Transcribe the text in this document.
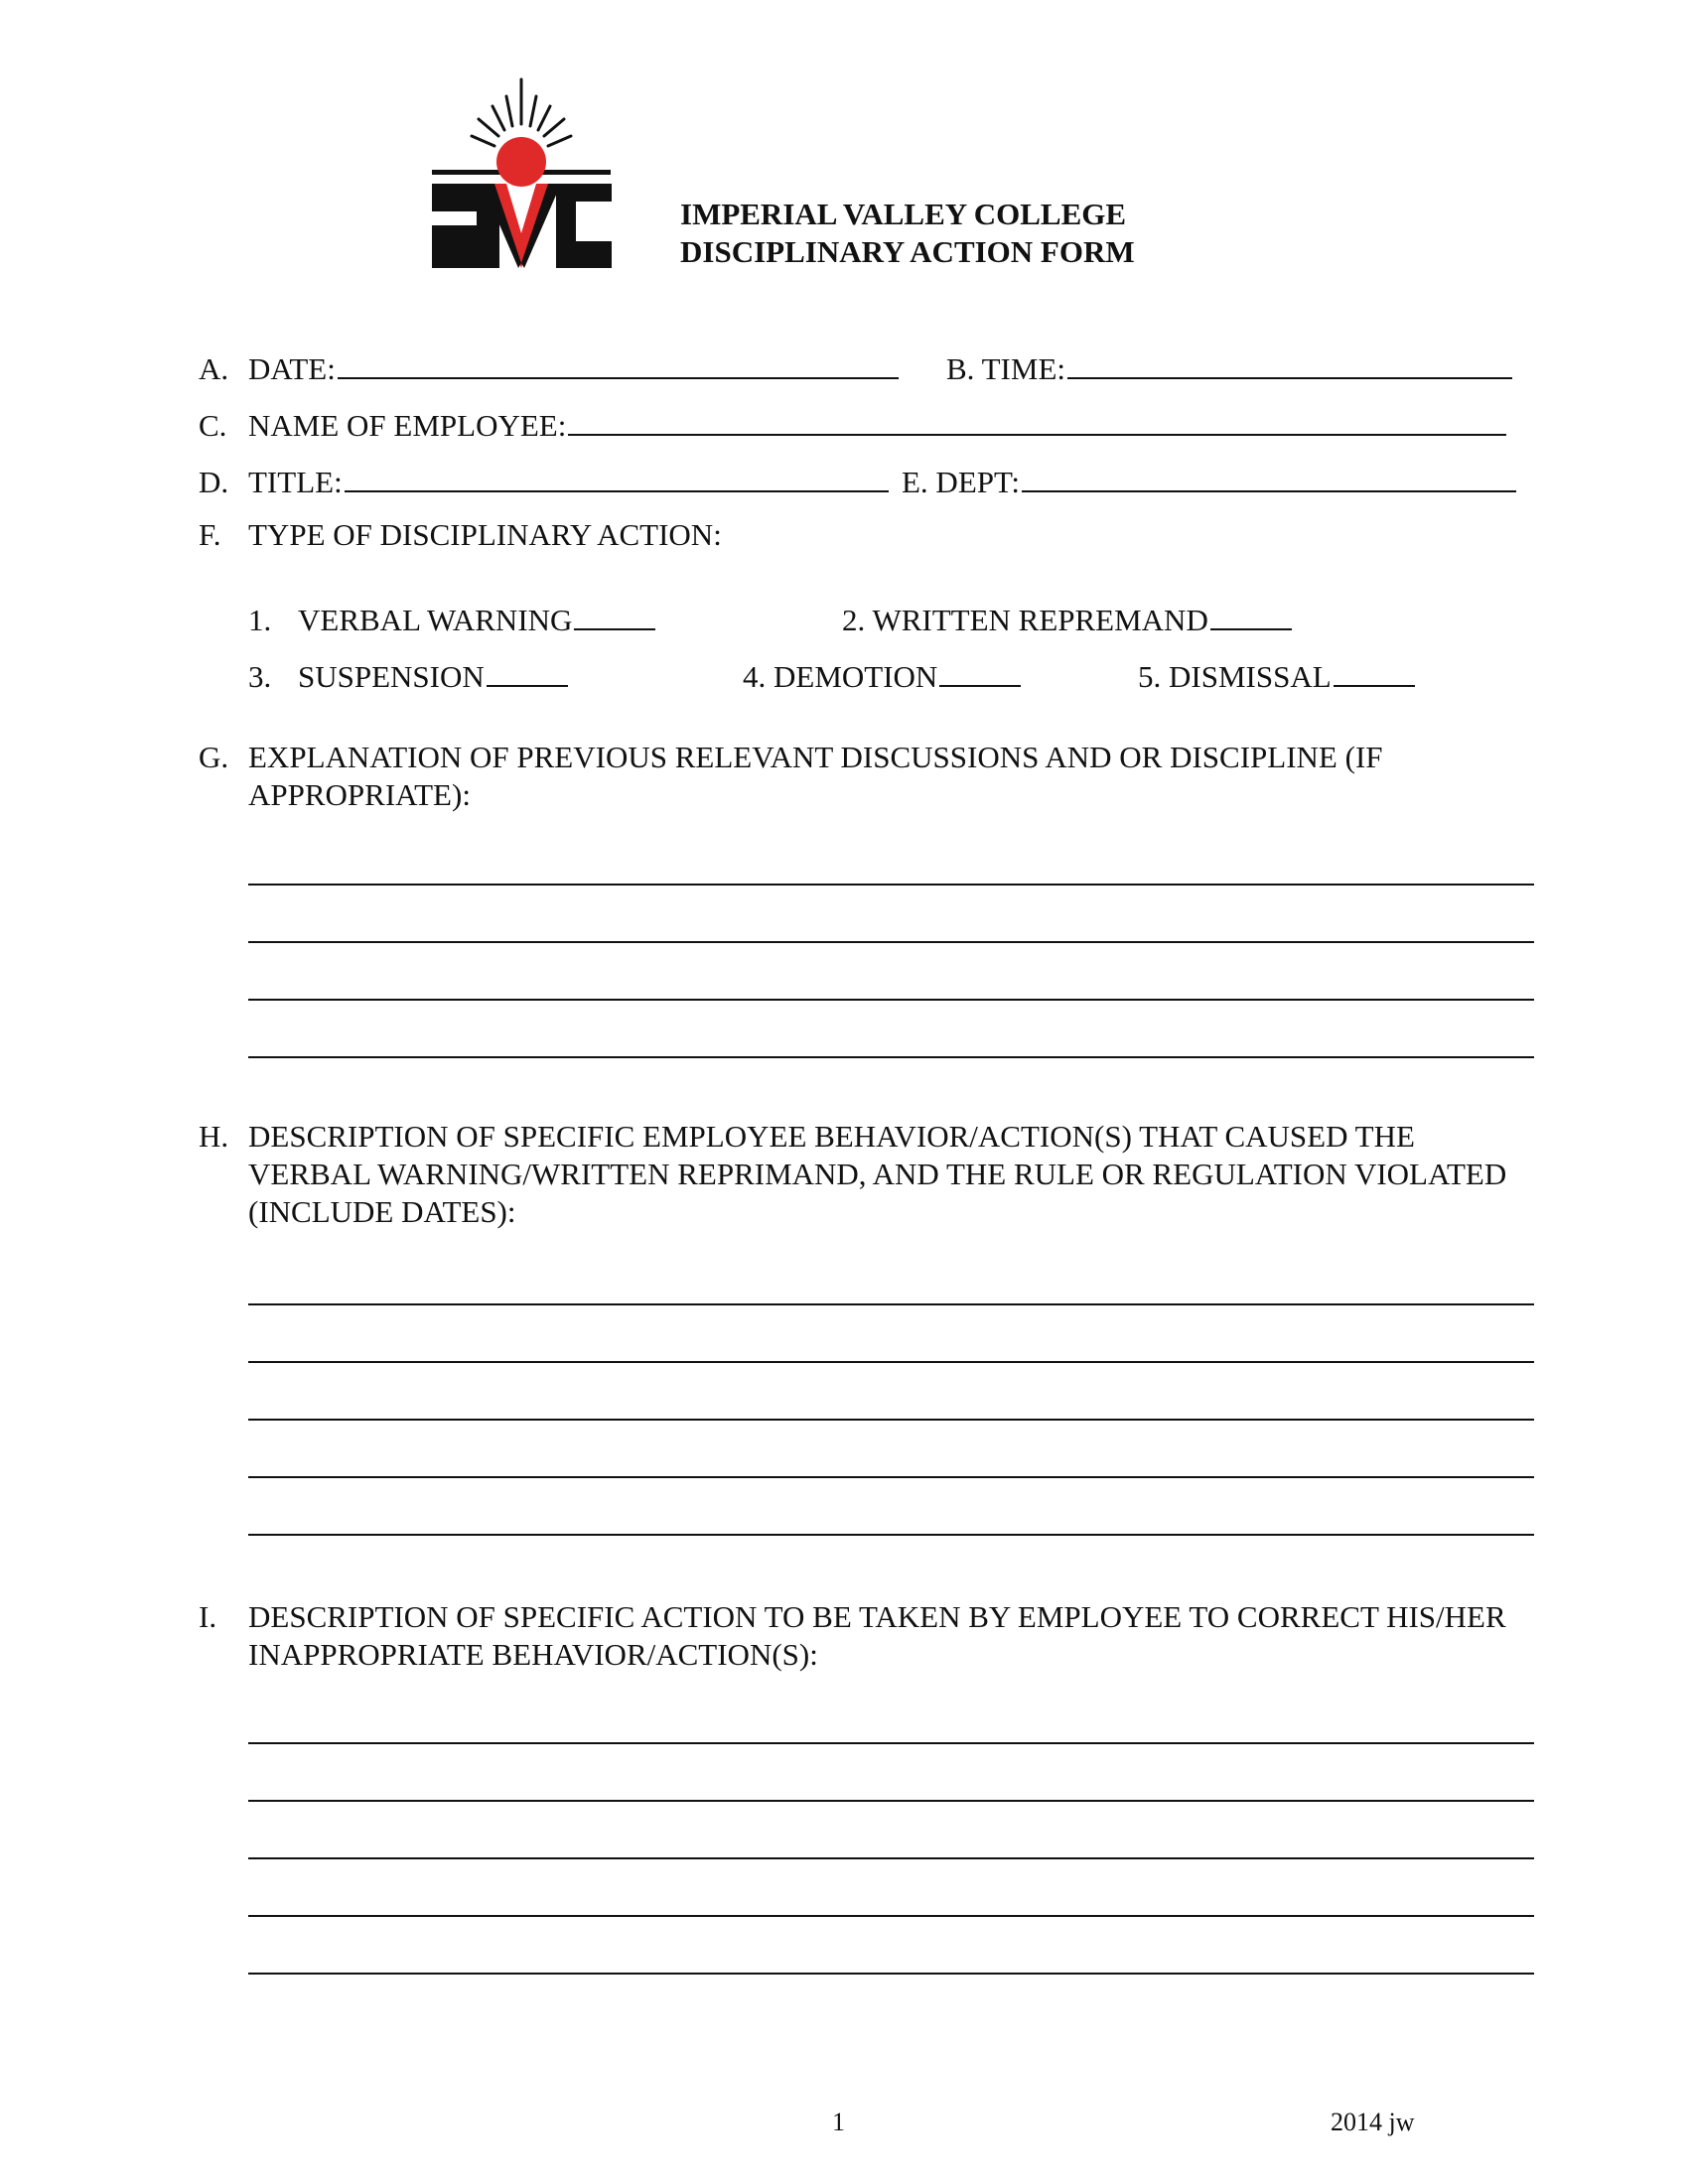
IMPERIAL VALLEY COLLEGE
DISCIPLINARY ACTION FORM
A. DATE:	B. TIME:
C. NAME OF EMPLOYEE:
D. TITLE:	E. DEPT:
F. TYPE OF DISCIPLINARY ACTION:
1. VERBAL WARNING	2. WRITTEN REPREMAND
3. SUSPENSION	4. DEMOTION	5. DISMISSAL
G. EXPLANATION OF PREVIOUS RELEVANT DISCUSSIONS AND OR DISCIPLINE (IF APPROPRIATE):
H. DESCRIPTION OF SPECIFIC EMPLOYEE BEHAVIOR/ACTION(S) THAT CAUSED THE VERBAL WARNING/WRITTEN REPRIMAND, AND THE RULE OR REGULATION VIOLATED (INCLUDE DATES):
I. DESCRIPTION OF SPECIFIC ACTION TO BE TAKEN BY EMPLOYEE TO CORRECT HIS/HER INAPPROPRIATE BEHAVIOR/ACTION(S):
1	2014 jw
